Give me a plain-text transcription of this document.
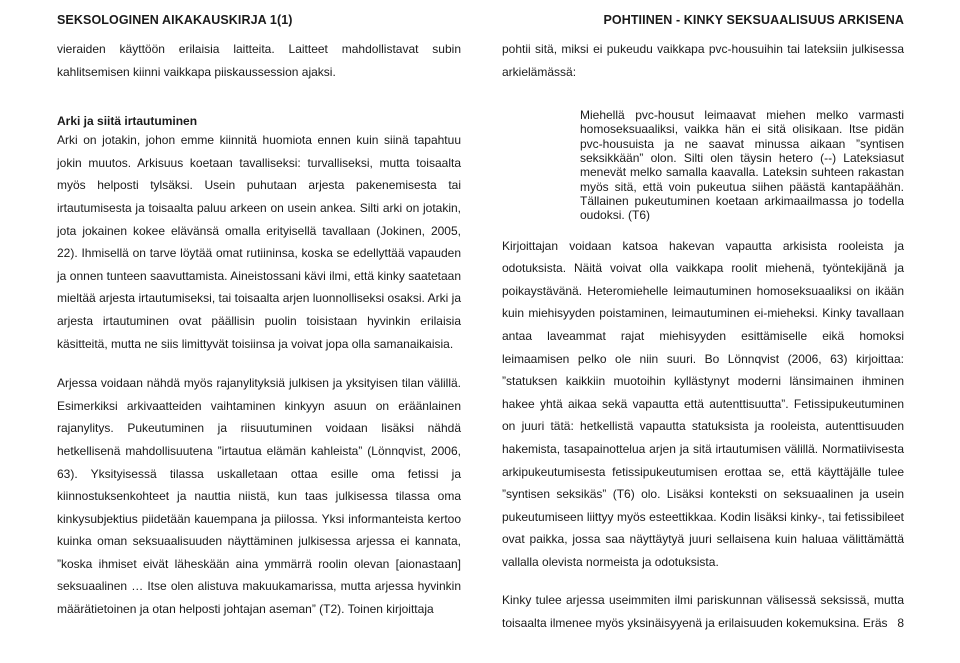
SEKSOLOGINEN AIKAKAUSKIRJA 1(1)	POHTIINEN - KINKY SEKSUAALISUUS ARKISENA

vieraiden käyttöön erilaisia laitteita. Laitteet mahdollistavat subin kahlitsemisen kiinni vaikkapa piiskaussession ajaksi.

Arki ja siitä irtautuminen

Arki on jotakin, johon emme kiinnitä huomiota ennen kuin siinä tapahtuu jokin muutos. Arkisuus koetaan tavalliseksi: turvalliseksi, mutta toisaalta myös helposti tylsäksi. Usein puhutaan arjesta pakenemisesta tai irtautumisesta ja toisaalta paluu arkeen on usein ankea. Silti arki on jotakin, jota jokainen kokee elävänsä omalla erityisellä tavallaan (Jokinen, 2005, 22). Ihmisellä on tarve löytää omat rutiininsa, koska se edellyttää vapauden ja onnen tunteen saavuttamista. Aineistossani kävi ilmi, että kinky saatetaan mieltää arjesta irtautumiseksi, tai toisaalta arjen luonnolliseksi osaksi. Arki ja arjesta irtautuminen ovat päällisin puolin toisistaan hyvinkin erilaisia käsitteitä, mutta ne siis limittyvät toisiinsa ja voivat jopa olla samanaikaisia.

Arjessa voidaan nähdä myös rajanylityksiä julkisen ja yksityisen tilan välillä. Esimerkiksi arkivaatteiden vaihtaminen kinkyyn asuun on eräänlainen rajanylitys. Pukeutuminen ja riisuutuminen voidaan lisäksi nähdä hetkellisenä mahdollisuutena ”irtautua elämän kahleista” (Lönnqvist, 2006, 63). Yksityisessä tilassa uskalletaan ottaa esille oma fetissi ja kiinnostuksenkohteet ja nauttia niistä, kun taas julkisessa tilassa oma kinkysubjektius piidetään kauempana ja piilossa. Yksi informanteista kertoo kuinka oman seksuaalisuuden näyttäminen julkisessa arjessa ei kannata, ”koska ihmiset eivät läheskään aina ymmärrä roolin olevan [aionastaan] seksuaalinen … Itse olen alistuva makuukamarissa, mutta arjessa hyvinkin määrätietoinen ja otan helposti johtajan aseman” (T2). Toinen kirjoittaja

pohtii sitä, miksi ei pukeudu vaikkapa pvc-housuihin tai lateksiin julkisessa arkielämässä:

Miehellä pvc-housut leimaavat miehen melko varmasti homoseksuaaliksi, vaikka hän ei sitä olisikaan. Itse pidän pvc-housuista ja ne saavat minussa aikaan ”syntisen seksikkään” olon. Silti olen täysin hetero (--) Lateksiasut menevät melko samalla kaavalla. Lateksin suhteen rakastan myös sitä, että voin pukeutua siihen päästä kantapäähän. Tällainen pukeutuminen koetaan arkimaailmassa jo todella oudoksi. (T6)

Kirjoittajan voidaan katsoa hakevan vapautta arkisista rooleista ja odotuksista. Näitä voivat olla vaikkapa roolit miehenä, työntekijänä ja poikaystävänä. Heteromiehelle leimautuminen homoseksuaaliksi on ikään kuin miehisyyden poistaminen, leimautuminen ei-mieheksi. Kinky tavallaan antaa laveammat rajat miehisyyden esittämiselle eikä homoksi leimaamisen pelko ole niin suuri. Bo Lönnqvist (2006, 63) kirjoittaa: ”statuksen kaikkiin muotoihin kyllästynyt moderni länsimainen ihminen hakee yhtä aikaa sekä vapautta että autenttisuutta”. Fetissipukeutuminen on juuri tätä: hetkellistä vapautta statuksista ja rooleista, autenttisuuden hakemista, tasapainottelua arjen ja sitä irtautumisen välillä. Normatiivisesta arkipukeutumisesta fetissipukeutumisen erottaa se, että käyttäjälle tulee ”syntisen seksikäs” (T6) olo. Lisäksi konteksti on seksuaalinen ja usein pukeutumiseen liittyy myös esteettikkaa. Kodin lisäksi kinky-, tai fetissibileet ovat paikka, jossa saa näyttäytyä juuri sellaisena kuin haluaa välittämättä vallalla olevista normeista ja odotuksista.

Kinky tulee arjessa useimmiten ilmi pariskunnan välisessä seksissä, mutta toisaalta ilmenee myös yksinäisyyenä ja erilaisuuden kokemuksina. Eräs 8
